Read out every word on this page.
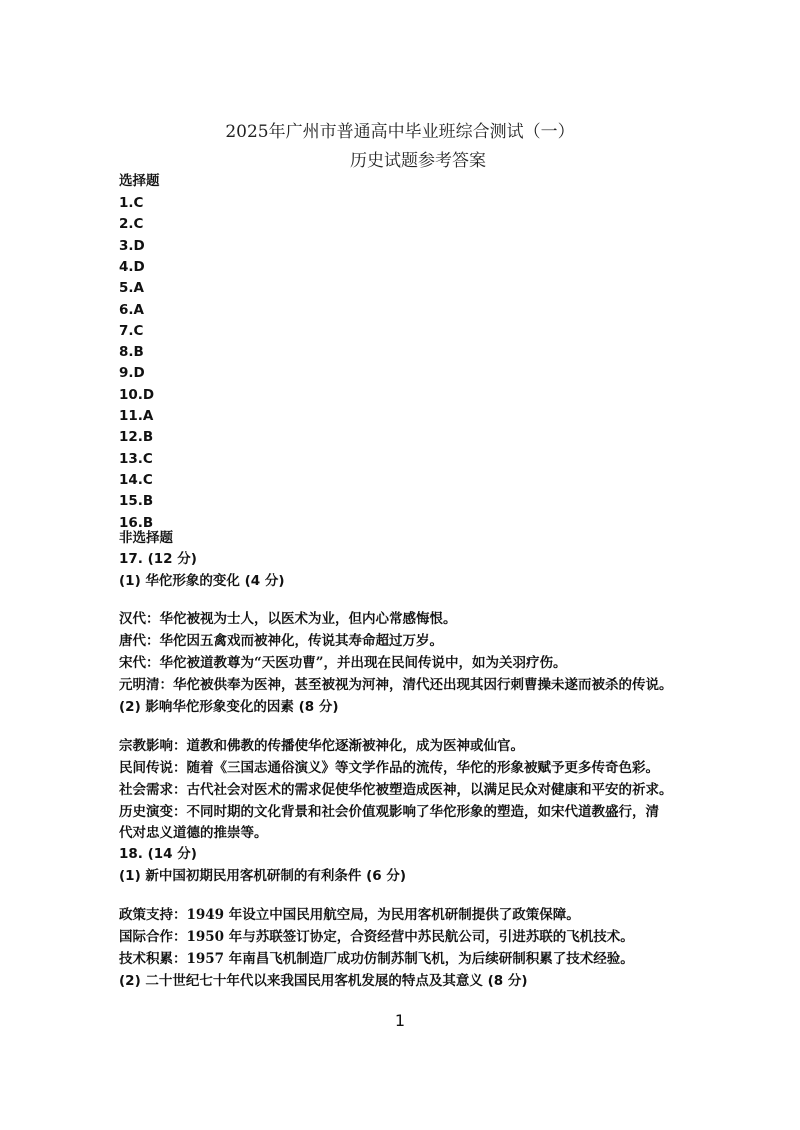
2025年广州市普通高中毕业班综合测试（一）
历史试题参考答案
选择题
1.C
2.C
3.D
4.D
5.A
6.A
7.C
8.B
9.D
10.D
11.A
12.B
13.C
14.C
15.B
16.B
非选择题
17. (12 分)
(1) 华佗形象的变化 (4 分)
汉代：华佗被视为士人，以医术为业，但内心常感悔恨。
唐代：华佗因五禽戏而被神化，传说其寿命超过万岁。
宋代：华佗被道教尊为“天医功曹”，并出现在民间传说中，如为关羽疗伤。
元明清：华佗被供奉为医神，甚至被视为河神，清代还出现其因行刺曹操未遂而被杀的传说。
(2) 影响华佗形象变化的因素 (8 分)
宗教影响：道教和佛教的传播使华佗逐渐被神化，成为医神或仙官。
民间传说：随着《三国志通俗演义》等文学作品的流传，华佗的形象被赋予更多传奇色彩。
社会需求：古代社会对医术的需求促使华佗被塑造成医神，以满足民众对健康和平安的祈求。
历史演变：不同时期的文化背景和社会价值观影响了华佗形象的塑造，如宋代道教盛行，清
代对忠义道德的推崇等。
18. (14 分)
(1) 新中国初期民用客机研制的有利条件 (6 分)
政策支持：1949 年设立中国民用航空局，为民用客机研制提供了政策保障。
国际合作：1950 年与苏联签订协定，合资经营中苏民航公司，引进苏联的飞机技术。
技术积累：1957 年南昌飞机制造厂成功仿制苏制飞机，为后续研制积累了技术经验。
(2) 二十世纪七十年代以来我国民用客机发展的特点及其意义 (8 分)
1
